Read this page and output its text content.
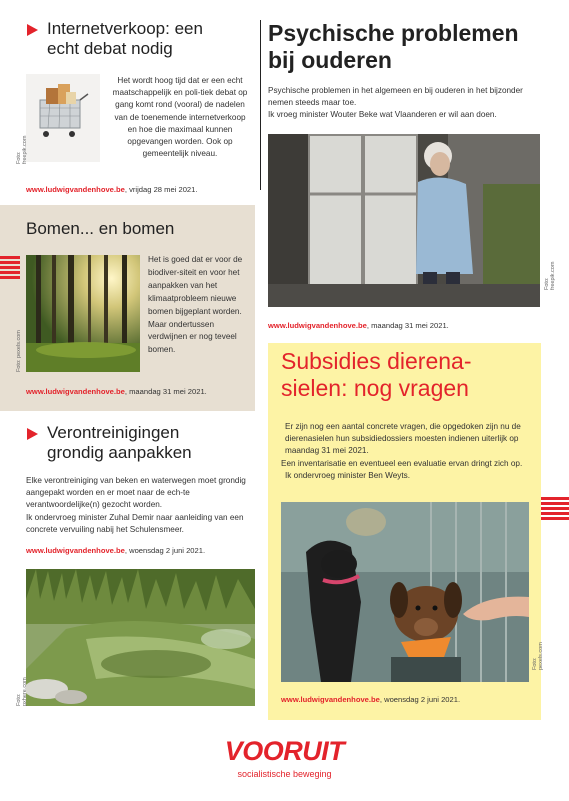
Internetverkoop: een
echt debat nodig
Foto: freepik.com
Het wordt hoog tijd dat er een echt maatschappelijk en poli-tiek debat op gang komt rond (vooral) de nadelen van de toenemende internetverkoop en hoe die maximaal kunnen opgevangen worden. Ook op gemeentelijk niveau.
www.ludwigvandenhove.be, vrijdag 28 mei 2021.
Bomen... en bomen
Foto: pexels.com
Het is goed dat er voor de biodiver-siteit en voor het aanpakken van het klimaatprobleem nieuwe bomen bijgeplant worden. Maar ondertussen verdwijnen er nog teveel bomen.
www.ludwigvandenhove.be, maandag 31 mei 2021.
Verontreinigingen
grondig aanpakken
Elke verontreiniging van beken en waterwegen moet grondig aangepakt worden en er moet naar de ech-te verantwoordelijke(n) gezocht worden.
Ik ondervroeg minister Zuhal Demir naar aanleiding van een concrete vervuiling nabij het Schulensmeer.
www.ludwigvandenhove.be, woensdag 2 juni 2021.
Foto: pxhere.com
Psychische problemen
bij ouderen
Psychische problemen in het algemeen en bij ouderen in het bijzonder nemen steeds maar toe.
Ik vroeg minister Wouter Beke wat Vlaanderen er wil aan doen.
Foto: freepik.com
www.ludwigvandenhove.be, maandag 31 mei 2021.
Subsidies dierena-
sielen: nog vragen
Er zijn nog een aantal concrete vragen, die opgedoken zijn nu de dierenasielen hun subsidiedossiers moesten indienen uiterlijk op maandag 31 mei 2021.
Een inventarisatie en eventueel een evaluatie ervan dringt zich op.
Ik ondervroeg minister Ben Weyts.
Foto: pexels.com
www.ludwigvandenhove.be, woensdag 2 juni 2021.
VOORUIT
socialistische beweging
